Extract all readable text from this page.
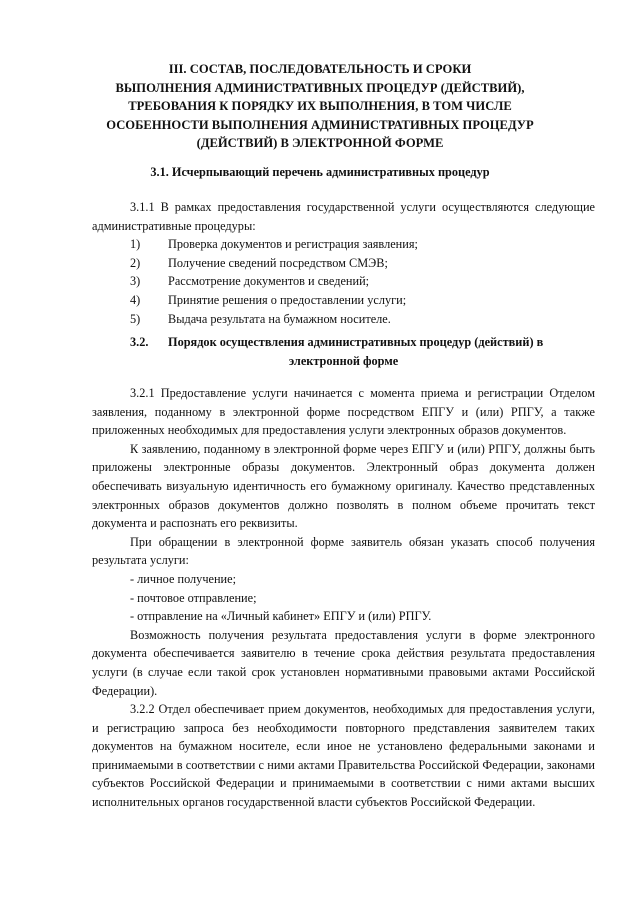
III. СОСТАВ, ПОСЛЕДОВАТЕЛЬНОСТЬ И СРОКИ
ВЫПОЛНЕНИЯ АДМИНИСТРАТИВНЫХ ПРОЦЕДУР (ДЕЙСТВИЙ),
ТРЕБОВАНИЯ К ПОРЯДКУ ИХ ВЫПОЛНЕНИЯ, В ТОМ ЧИСЛЕ
ОСОБЕННОСТИ ВЫПОЛНЕНИЯ АДМИНИСТРАТИВНЫХ ПРОЦЕДУР
(ДЕЙСТВИЙ) В ЭЛЕКТРОННОЙ ФОРМЕ
3.1. Исчерпывающий перечень административных процедур

3.1.1 В рамках предоставления государственной услуги осуществляются следующие административные процедуры:

1) Проверка документов и регистрация заявления;
2) Получение сведений посредством СМЭВ;
3) Рассмотрение документов и сведений;
4) Принятие решения о предоставлении услуги;
5) Выдача результата на бумажном носителе.
3.2. Порядок осуществления административных процедур (действий) в
электронной форме

3.2.1 Предоставление услуги начинается с момента приема и регистрации Отделом заявления, поданному в электронной форме посредством ЕПГУ и (или) РПГУ, а также приложенных необходимых для предоставления услуги электронных образов документов.

К заявлению, поданному в электронной форме через ЕПГУ и (или) РПГУ, должны быть приложены электронные образы документов. Электронный образ документа должен обеспечивать визуальную идентичность его бумажному оригиналу. Качество представленных электронных образов документов должно позволять в полном объеме прочитать текст документа и распознать его реквизиты.

При обращении в электронной форме заявитель обязан указать способ получения результата услуги:

- личное получение;

- почтовое отправление;

- отправление на «Личный кабинет» ЕПГУ и (или) РПГУ.

Возможность получения результата предоставления услуги в форме электронного документа обеспечивается заявителю в течение срока действия результата предоставления услуги (в случае если такой срок установлен нормативными правовыми актами Российской Федерации).

3.2.2 Отдел обеспечивает прием документов, необходимых для предоставления услуги, и регистрацию запроса без необходимости повторного представления заявителем таких документов на бумажном носителе, если иное не установлено федеральными законами и принимаемыми в соответствии с ними актами Правительства Российской Федерации, законами субъектов Российской Федерации и принимаемыми в соответствии с ними актами высших исполнительных органов государственной власти субъектов Российской Федерации.
